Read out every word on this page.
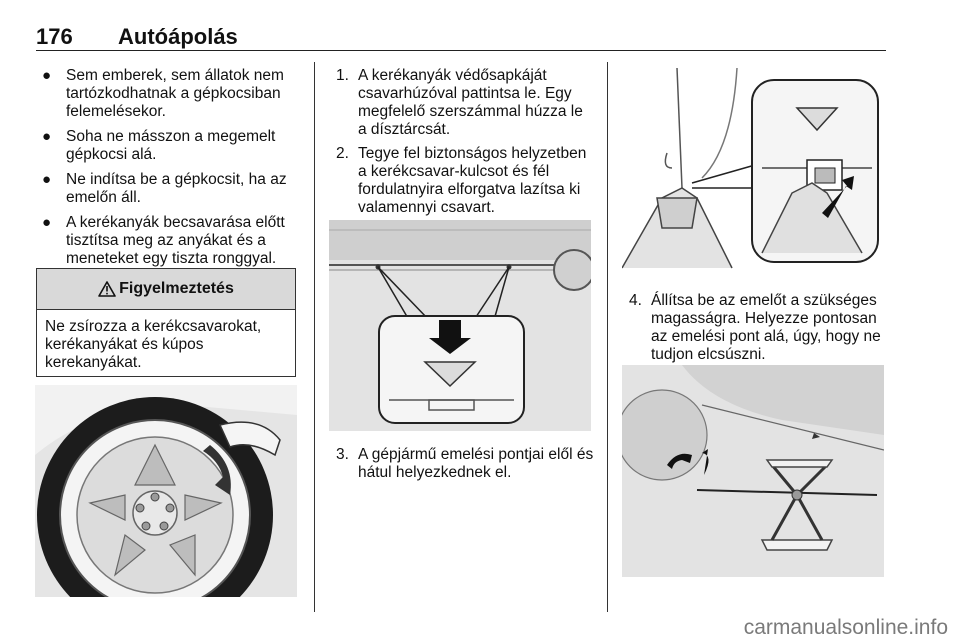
176 Autóápolás
● Sem emberek, sem állatok nem tartózkodhatnak a gépkocsiban felemelésekor.
● Soha ne másszon a megemelt gépkocsi alá.
● Ne indítsa be a gépkocsit, ha az emelőn áll.
● A kerékanyák becsavarása előtt tisztítsa meg az anyákat és a meneteket egy tiszta ronggyal.
Figyelmeztetés
Ne zsírozza a kerékcsavarokat, kerékanyákat és kúpos kerekanyákat.
1. A kerékanyák védősapkáját csavarhúzóval pattintsa le. Egy megfelelő szerszámmal húzza le a dísztárcsát.
2. Tegye fel biztonságos helyzetben a kerékcsavar-kulcsot és fél fordulatnyira elforgatva lazítsa ki valamennyi csavart.
3. A gépjármű emelési pontjai elől és hátul helyezkednek el.
4. Állítsa be az emelőt a szükséges magasságra. Helyezze pontosan az emelési pont alá, úgy, hogy ne tudjon elcsúszni.
carmanualsonline.info
